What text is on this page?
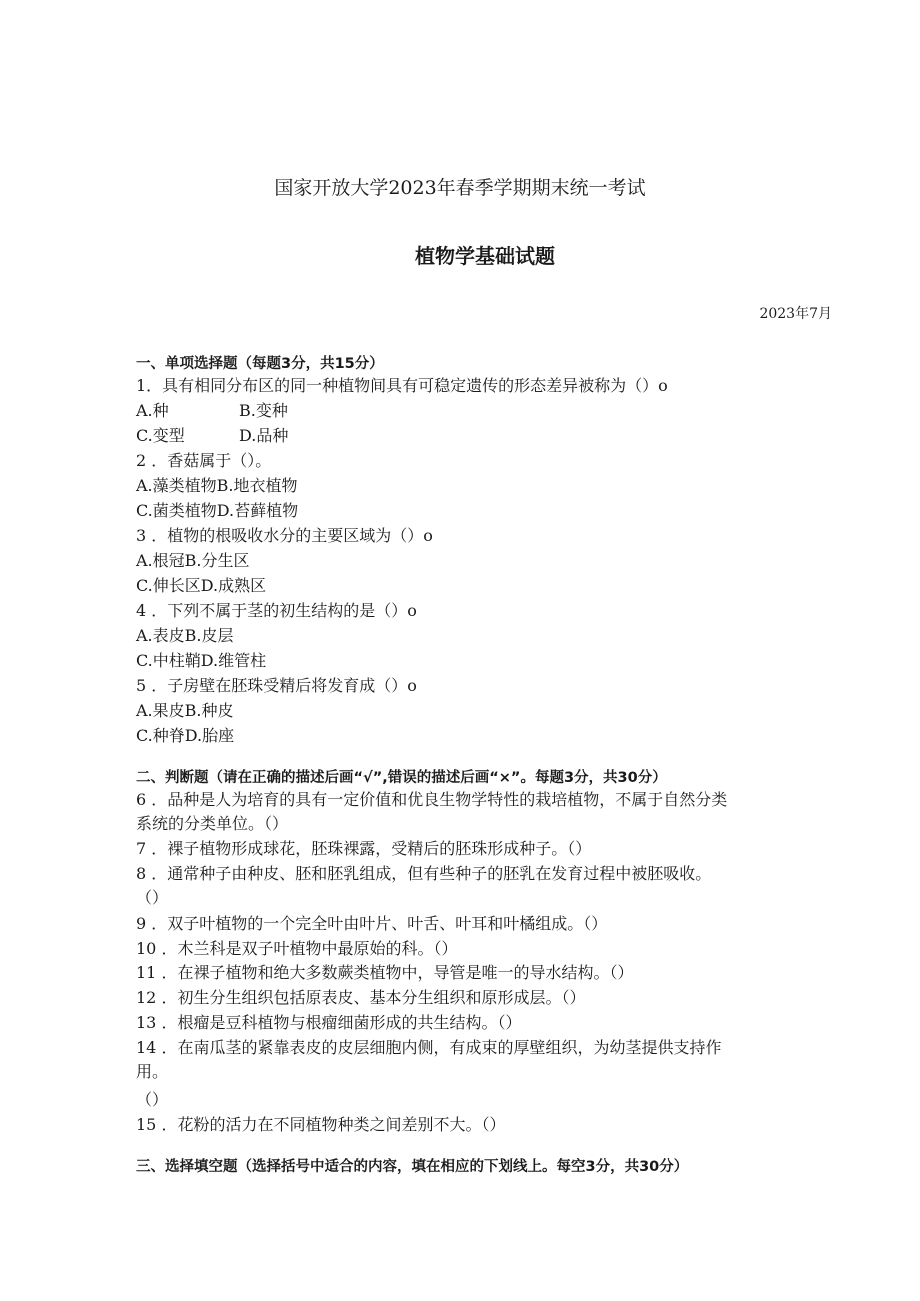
国家开放大学2023年春季学期期末统一考试
植物学基础试题
2023年7月
一、单项选择题（每题3分，共15分）
1．具有相同分布区的同一种植物间具有可稳定遗传的形态差异被称为（）o
A.种	B.变种
C.变型	D.品种
2 ．香菇属于（）。
A.藻类植物B.地衣植物
C.菌类植物D.苔藓植物
3 ．植物的根吸收水分的主要区域为（）o
A.根冠B.分生区
C.伸长区D.成熟区
4 ．下列不属于茎的初生结构的是（）o
A.表皮B.皮层
C.中柱鞘D.维管柱
5 ．子房壁在胚珠受精后将发育成（）o
A.果皮B.种皮
C.种脊D.胎座
二、判断题（请在正确的描述后画“√”,错误的描述后画“×”。每题3分，共30分）
6 ．品种是人为培育的具有一定价值和优良生物学特性的栽培植物，不属于自然分类
系统的分类单位。（）
7 ．裸子植物形成球花，胚珠裸露，受精后的胚珠形成种子。（）
8 ．通常种子由种皮、胚和胚乳组成，但有些种子的胚乳在发育过程中被胚吸收。
（）
9 ．双子叶植物的一个完全叶由叶片、叶舌、叶耳和叶橘组成。（）
10 ．木兰科是双子叶植物中最原始的科。（）
11 ．在裸子植物和绝大多数蕨类植物中，导管是唯一的导水结构。（）
12 ．初生分生组织包括原表皮、基本分生组织和原形成层。（）
13 ．根瘤是豆科植物与根瘤细菌形成的共生结构。（）
14 ．在南瓜茎的紧靠表皮的皮层细胞内侧，有成束的厚壁组织，为幼茎提供支持作
用。
（）
15 ．花粉的活力在不同植物种类之间差别不大。（）
三、选择填空题（选择括号中适合的内容，填在相应的下划线上。每空3分，共30分）
